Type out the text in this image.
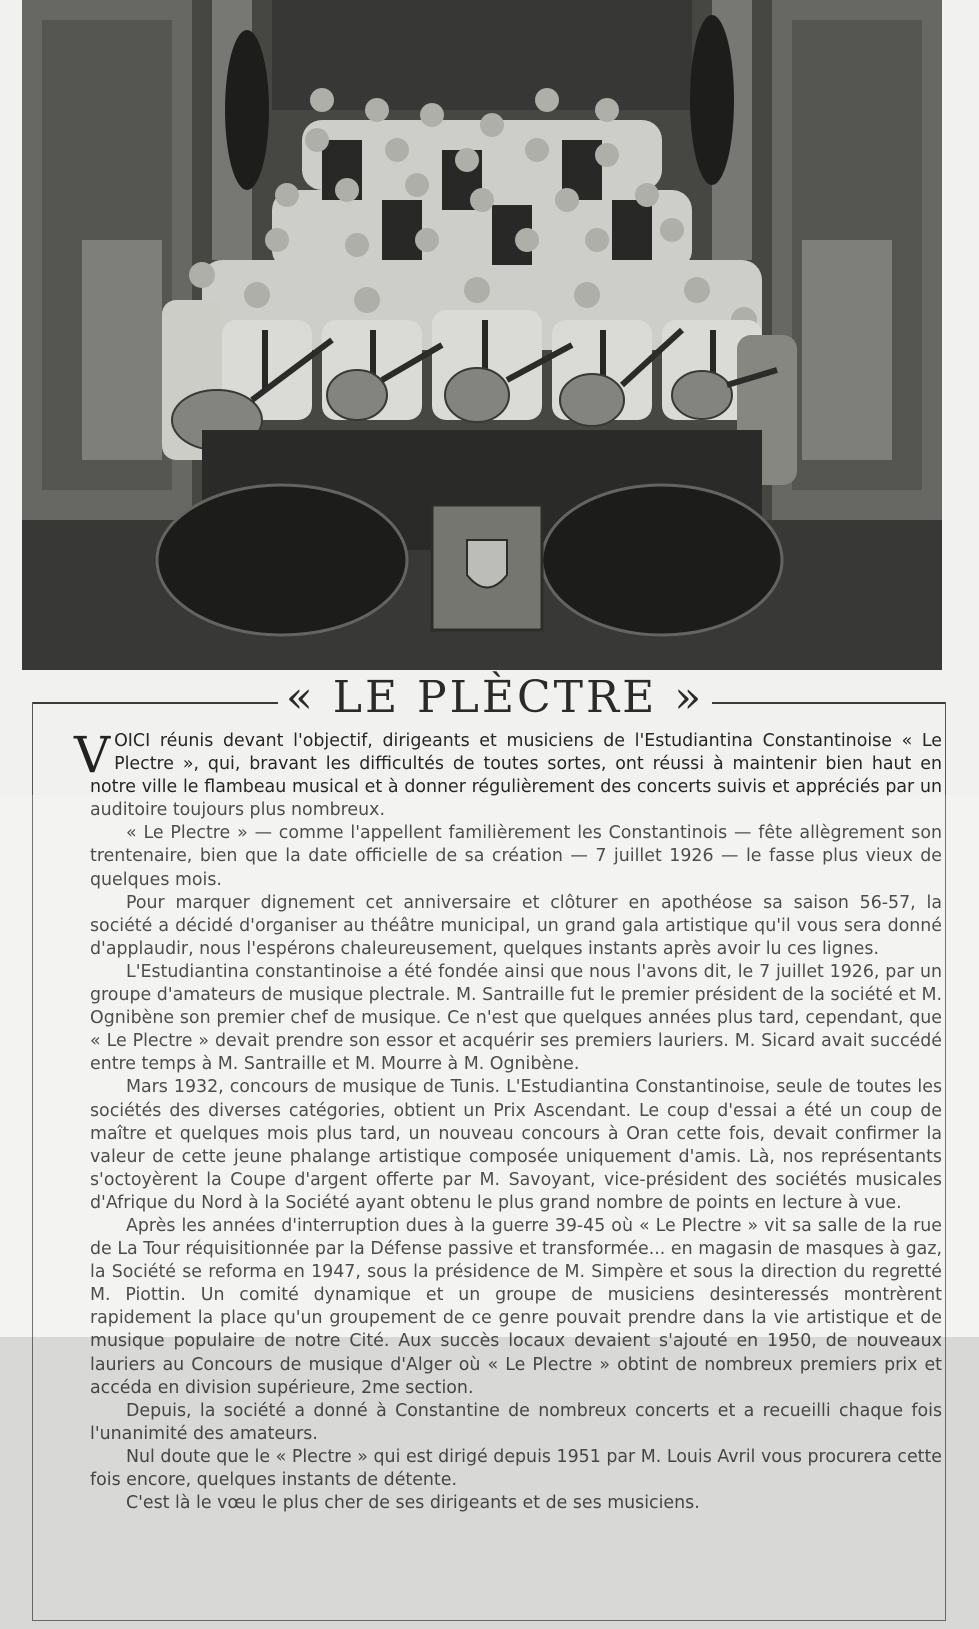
« LE PLÈCTRE »

VOICI réunis devant l'objectif, dirigeants et musiciens de l'Estudiantina Constantinoise « Le Plectre », qui, bravant les difficultés de toutes sortes, ont réussi à maintenir bien haut en notre ville le flambeau musical et à donner régulièrement des concerts suivis et appréciés par un auditoire toujours plus nombreux.

« Le Plectre » — comme l'appellent familièrement les Constantinois — fête allègrement son trentenaire, bien que la date officielle de sa création — 7 juillet 1926 — le fasse plus vieux de quelques mois.

Pour marquer dignement cet anniversaire et clôturer en apothéose sa saison 56-57, la société a décidé d'organiser au théâtre municipal, un grand gala artistique qu'il vous sera donné d'applaudir, nous l'espérons chaleureusement, quelques instants après avoir lu ces lignes.

L'Estudiantina constantinoise a été fondée ainsi que nous l'avons dit, le 7 juillet 1926, par un groupe d'amateurs de musique plectrale. M. Santraille fut le premier président de la société et M. Ognibène son premier chef de musique. Ce n'est que quelques années plus tard, cependant, que « Le Plectre » devait prendre son essor et acquérir ses premiers lauriers. M. Sicard avait succédé entre temps à M. Santraille et M. Mourre à M. Ognibène.

Mars 1932, concours de musique de Tunis. L'Estudiantina Constantinoise, seule de toutes les sociétés des diverses catégories, obtient un Prix Ascendant. Le coup d'essai a été un coup de maître et quelques mois plus tard, un nouveau concours à Oran cette fois, devait confirmer la valeur de cette jeune phalange artistique composée uniquement d'amis. Là, nos représentants s'octoyèrent la Coupe d'argent offerte par M. Savoyant, vice-président des sociétés musicales d'Afrique du Nord à la Société ayant obtenu le plus grand nombre de points en lecture à vue.

Après les années d'interruption dues à la guerre 39-45 où « Le Plectre » vit sa salle de la rue de La Tour réquisitionnée par la Défense passive et transformée... en magasin de masques à gaz, la Société se reforma en 1947, sous la présidence de M. Simpère et sous la direction du regretté M. Piottin. Un comité dynamique et un groupe de musiciens desinteressés montrèrent rapidement la place qu'un groupement de ce genre pouvait prendre dans la vie artistique et de musique populaire de notre Cité. Aux succès locaux devaient s'ajouté en 1950, de nouveaux lauriers au Concours de musique d'Alger où « Le Plectre » obtint de nombreux premiers prix et accéda en division supérieure, 2me section.

Depuis, la société a donné à Constantine de nombreux concerts et a recueilli chaque fois l'unanimité des amateurs.

Nul doute que le « Plectre » qui est dirigé depuis 1951 par M. Louis Avril vous procurera cette fois encore, quelques instants de détente.

C'est là le vœu le plus cher de ses dirigeants et de ses musiciens.
